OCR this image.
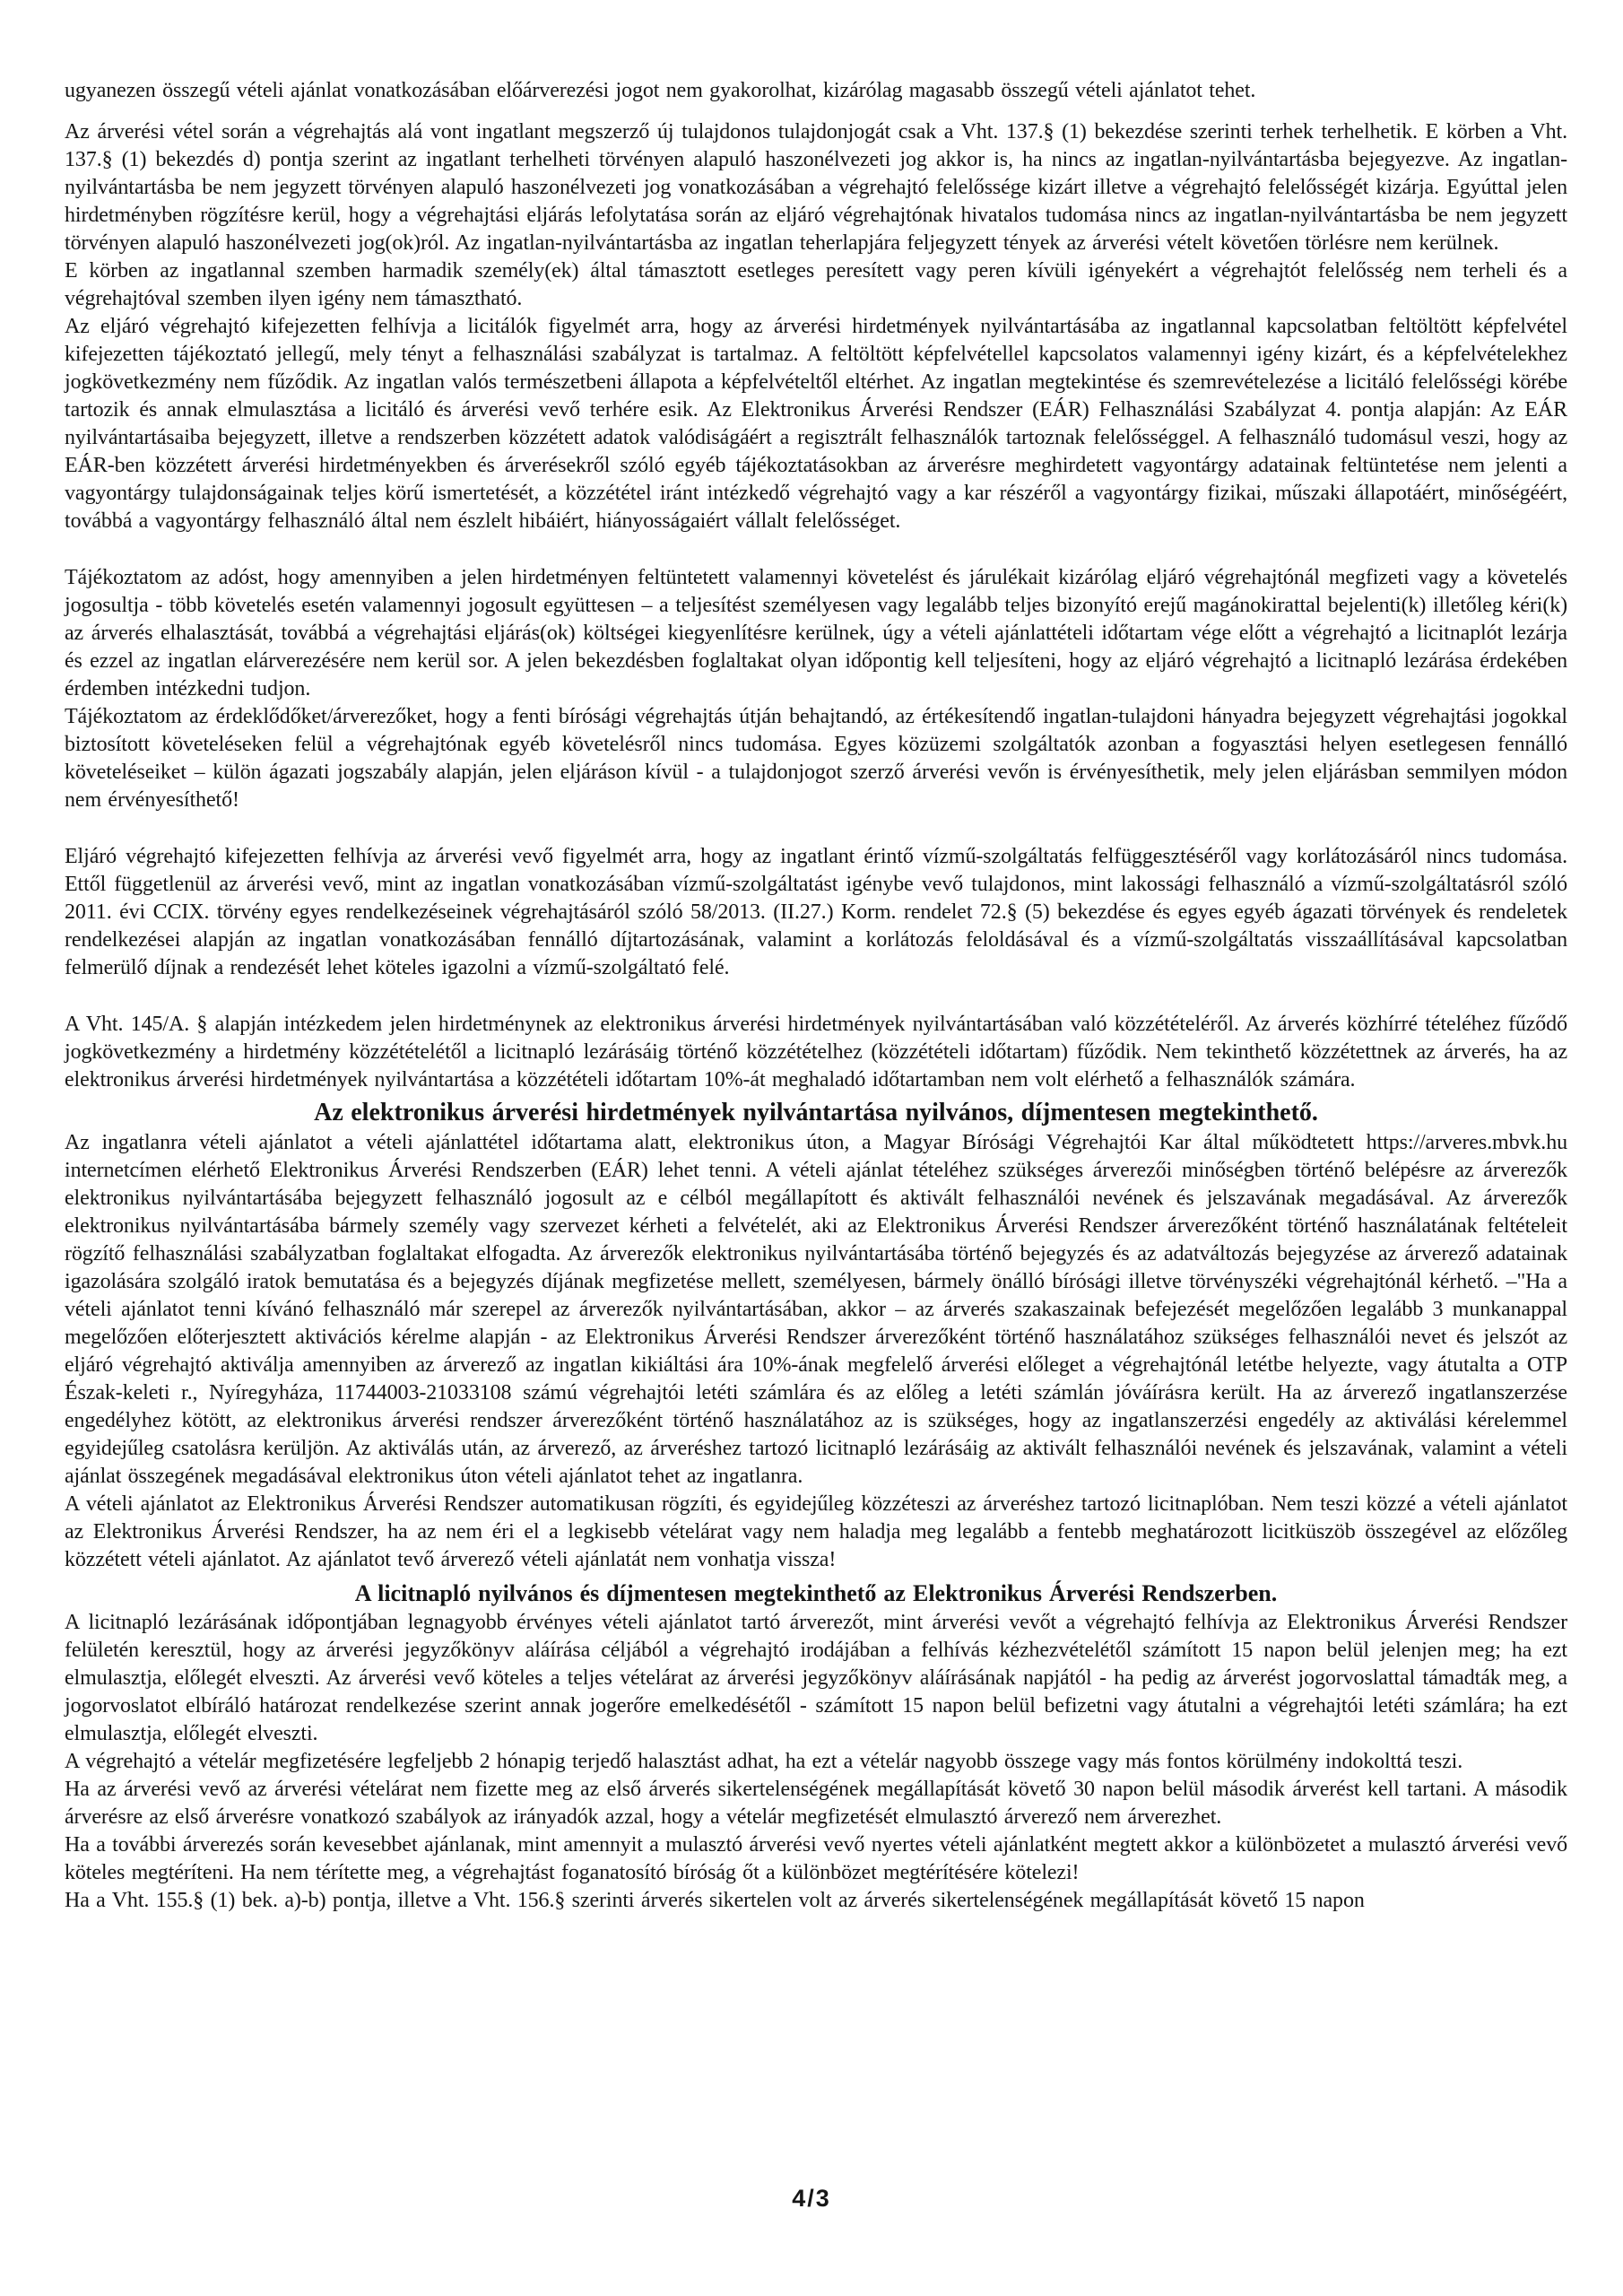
ugyanezen összegű vételi ajánlat vonatkozásában előárverezési jogot nem gyakorolhat, kizárólag magasabb összegű vételi ajánlatot tehet.

Az árverési vétel során a végrehajtás alá vont ingatlant megszerző új tulajdonos tulajdonjogát csak a Vht. 137.§ (1) bekezdése szerinti terhek terhelhetik. E körben a Vht. 137.§ (1) bekezdés d) pontja szerint az ingatlant terhelheti törvényen alapuló haszonélvezeti jog akkor is, ha nincs az ingatlan-nyilvántartásba bejegyezve. Az ingatlan-nyilvántartásba be nem jegyzett törvényen alapuló haszonélvezeti jog vonatkozásában a végrehajtó felelőssége kizárt illetve a végrehajtó felelősségét kizárja. Egyúttal jelen hirdetményben rögzítésre kerül, hogy a végrehajtási eljárás lefolytatása során az eljáró végrehajtónak hivatalos tudomása nincs az ingatlan-nyilvántartásba be nem jegyzett törvényen alapuló haszonélvezeti jog(ok)ról. Az ingatlan-nyilvántartásba az ingatlan teherlapjára feljegyzett tények az árverési vételt követően törlésre nem kerülnek.

E körben az ingatlannal szemben harmadik személy(ek) által támasztott esetleges peresített vagy peren kívüli igényekért a végrehajtót felelősség nem terheli és a végrehajtóval szemben ilyen igény nem támasztható.

Az eljáró végrehajtó kifejezetten felhívja a licitálók figyelmét arra, hogy az árverési hirdetmények nyilvántartásába az ingatlannal kapcsolatban feltöltött képfelvétel kifejezetten tájékoztató jellegű, mely tényt a felhasználási szabályzat is tartalmaz. A feltöltött képfelvétellel kapcsolatos valamennyi igény kizárt, és a képfelvételekhez jogkövetkezmény nem fűződik. Az ingatlan valós természetbeni állapota a képfelvételtől eltérhet. Az ingatlan megtekintése és szemrevételezése a licitáló felelősségi körébe tartozik és annak elmulasztása a licitáló és árverési vevő terhére esik. Az Elektronikus Árverési Rendszer (EÁR) Felhasználási Szabályzat 4. pontja alapján: Az EÁR nyilvántartásaiba bejegyzett, illetve a rendszerben közzétett adatok valódiságáért a regisztrált felhasználók tartoznak felelősséggel. A felhasználó tudomásul veszi, hogy az EÁR-ben közzétett árverési hirdetményekben és árverésekről szóló egyéb tájékoztatásokban az árverésre meghirdetett vagyontárgy adatainak feltüntetése nem jelenti a vagyontárgy tulajdonságainak teljes körű ismertetését, a közzététel iránt intézkedő végrehajtó vagy a kar részéről a vagyontárgy fizikai, műszaki állapotáért, minőségéért, továbbá a vagyontárgy felhasználó által nem észlelt hibáiért, hiányosságaiért vállalt felelősséget.

Tájékoztatom az adóst, hogy amennyiben a jelen hirdetményen feltüntetett valamennyi követelést és járulékait kizárólag eljáró végrehajtónál megfizeti vagy a követelés jogosultja - több követelés esetén valamennyi jogosult együttesen – a teljesítést személyesen vagy legalább teljes bizonyító erejű magánokirattal bejelenti(k) illetőleg kéri(k) az árverés elhalasztását, továbbá a végrehajtási eljárás(ok) költségei kiegyenlítésre kerülnek, úgy a vételi ajánlattételi időtartam vége előtt a végrehajtó a licitnaplót lezárja és ezzel az ingatlan elárverezésére nem kerül sor. A jelen bekezdésben foglaltakat olyan időpontig kell teljesíteni, hogy az eljáró végrehajtó a licitnapló lezárása érdekében érdemben intézkedni tudjon.

Tájékoztatom az érdeklődőket/árverezőket, hogy a fenti bírósági végrehajtás útján behajtandó, az értékesítendő ingatlan-tulajdoni hányadra bejegyzett végrehajtási jogokkal biztosított követeléseken felül a végrehajtónak egyéb követelésről nincs tudomása. Egyes közüzemi szolgáltatók azonban a fogyasztási helyen esetlegesen fennálló követeléseiket – külön ágazati jogszabály alapján, jelen eljáráson kívül - a tulajdonjogot szerző árverési vevőn is érvényesíthetik, mely jelen eljárásban semmilyen módon nem érvényesíthető!

Eljáró végrehajtó kifejezetten felhívja az árverési vevő figyelmét arra, hogy az ingatlant érintő vízmű-szolgáltatás felfüggesztéséről vagy korlátozásáról nincs tudomása. Ettől függetlenül az árverési vevő, mint az ingatlan vonatkozásában vízmű-szolgáltatást igénybe vevő tulajdonos, mint lakossági felhasználó a vízmű-szolgáltatásról szóló 2011. évi CCIX. törvény egyes rendelkezéseinek végrehajtásáról szóló 58/2013. (II.27.) Korm. rendelet 72.§ (5) bekezdése és egyes egyéb ágazati törvények és rendeletek rendelkezései alapján az ingatlan vonatkozásában fennálló díjtartozásának, valamint a korlátozás feloldásával és a vízmű-szolgáltatás visszaállításával kapcsolatban felmerülő díjnak a rendezését lehet köteles igazolni a vízmű-szolgáltató felé.

A Vht. 145/A. § alapján intézkedem jelen hirdetménynek az elektronikus árverési hirdetmények nyilvántartásában való közzétételéről. Az árverés közhírré tételéhez fűződő jogkövetkezmény a hirdetmény közzétételétől a licitnapló lezárásáig történő közzétételhez (közzétételi időtartam) fűződik. Nem tekinthető közzétettnek az árverés, ha az elektronikus árverési hirdetmények nyilvántartása a közzétételi időtartam 10%-át meghaladó időtartamban nem volt elérhető a felhasználók számára.

Az elektronikus árverési hirdetmények nyilvántartása nyilvános, díjmentesen megtekinthető.

Az ingatlanra vételi ajánlatot a vételi ajánlattétel időtartama alatt, elektronikus úton, a Magyar Bírósági Végrehajtói Kar által működtetett https://arveres.mbvk.hu internetcímen elérhető Elektronikus Árverési Rendszerben (EÁR) lehet tenni. A vételi ajánlat tételéhez szükséges árverezői minőségben történő belépésre az árverezők elektronikus nyilvántartásába bejegyzett felhasználó jogosult az e célból megállapított és aktivált felhasználói nevének és jelszavának megadásával. Az árverezők elektronikus nyilvántartásába bármely személy vagy szervezet kérheti a felvételét, aki az Elektronikus Árverési Rendszer árverezőként történő használatának feltételeit rögzítő felhasználási szabályzatban foglaltakat elfogadta. Az árverezők elektronikus nyilvántartásába történő bejegyzés és az adatváltozás bejegyzése az árverező adatainak igazolására szolgáló iratok bemutatása és a bejegyzés díjának megfizetése mellett, személyesen, bármely önálló bírósági illetve törvényszéki végrehajtónál kérhető. –"Ha a vételi ajánlatot tenni kívánó felhasználó már szerepel az árverezők nyilvántartásában, akkor – az árverés szakaszainak befejezését megelőzően legalább 3 munkanappal megelőzően előterjesztett aktivációs kérelme alapján - az Elektronikus Árverési Rendszer árverezőként történő használatához szükséges felhasználói nevet és jelszót az eljáró végrehajtó aktiválja amennyiben az árverező az ingatlan kikiáltási ára 10%-ának megfelelő árverési előleget a végrehajtónál letétbe helyezte, vagy átutalta a OTP Észak-keleti r., Nyíregyháza, 11744003-21033108 számú végrehajtói letéti számlára és az előleg a letéti számlán jóváírásra került. Ha az árverező ingatlanszerzése engedélyhez kötött, az elektronikus árverési rendszer árverezőként történő használatához az is szükséges, hogy az ingatlanszerzési engedély az aktiválási kérelemmel egyidejűleg csatolásra kerüljön. Az aktiválás után, az árverező, az árveréshez tartozó licitnapló lezárásáig az aktivált felhasználói nevének és jelszavának, valamint a vételi ajánlat összegének megadásával elektronikus úton vételi ajánlatot tehet az ingatlanra.

A vételi ajánlatot az Elektronikus Árverési Rendszer automatikusan rögzíti, és egyidejűleg közzéteszi az árveréshez tartozó licitnaplóban. Nem teszi közzé a vételi ajánlatot az Elektronikus Árverési Rendszer, ha az nem éri el a legkisebb vételárat vagy nem haladja meg legalább a fentebb meghatározott licitküszöb összegével az előzőleg közzétett vételi ajánlatot. Az ajánlatot tevő árverező vételi ajánlatát nem vonhatja vissza!

A licitnapló nyilvános és díjmentesen megtekinthető az Elektronikus Árverési Rendszerben.

A licitnapló lezárásának időpontjában legnagyobb érvényes vételi ajánlatot tartó árverezőt, mint árverési vevőt a végrehajtó felhívja az Elektronikus Árverési Rendszer felületén keresztül, hogy az árverési jegyzőkönyv aláírása céljából a végrehajtó irodájában a felhívás kézhezvételétől számított 15 napon belül jelenjen meg; ha ezt elmulasztja, előlegét elveszti. Az árverési vevő köteles a teljes vételárat az árverési jegyzőkönyv aláírásának napjától - ha pedig az árverést jogorvoslattal támadták meg, a jogorvoslatot elbíráló határozat rendelkezése szerint annak jogerőre emelkedésétől - számított 15 napon belül befizetni vagy átutalni a végrehajtói letéti számlára; ha ezt elmulasztja, előlegét elveszti.

A végrehajtó a vételár megfizetésére legfeljebb 2 hónapig terjedő halasztást adhat, ha ezt a vételár nagyobb összege vagy más fontos körülmény indokolttá teszi.

Ha az árverési vevő az árverési vételárat nem fizette meg az első árverés sikertelenségének megállapítását követő 30 napon belül második árverést kell tartani. A második árverésre az első árverésre vonatkozó szabályok az irányadók azzal, hogy a vételár megfizetését elmulasztó árverező nem árverezhet.

Ha a további árverezés során kevesebbet ajánlanak, mint amennyit a mulasztó árverési vevő nyertes vételi ajánlatként megtett akkor a különbözetet a mulasztó árverési vevő köteles megtéríteni. Ha nem térítette meg, a végrehajtást foganatosító bíróság őt a különbözet megtérítésére kötelezi!

Ha a Vht. 155.§ (1) bek. a)-b) pontja, illetve a Vht. 156.§ szerinti árverés sikertelen volt az árverés sikertelenségének megállapítását követő 15 napon

4/3
